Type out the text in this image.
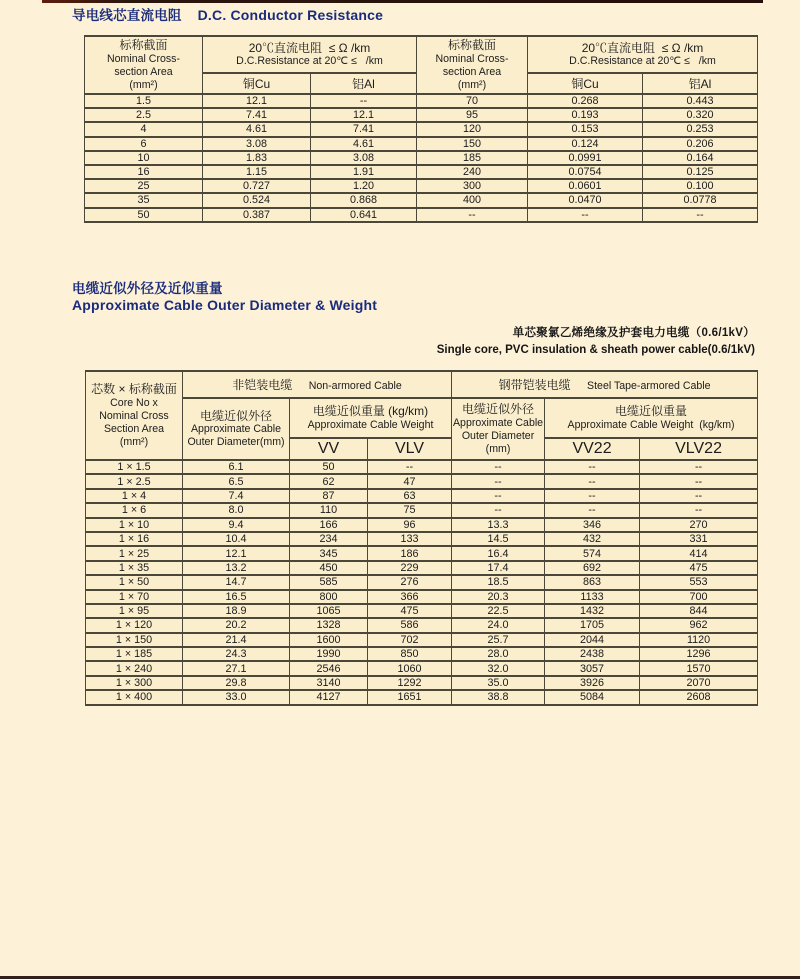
导电线芯直流电阻 D.C. Conductor Resistance
标称截面
Nominal Cross-
section Area
(mm²)

20℃直流电阻  ≤ Ω /km
D.C.Resistance at 20℃ ≤   /km

标称截面
Nominal Cross-
section Area
(mm²)

20℃直流电阻  ≤ Ω /km
D.C.Resistance at 20℃ ≤   /km

	铜Cu	铝Al		铜Cu	铝Al
1.5	12.1	--	70	0.268	0.443
2.5	7.41	12.1	95	0.193	0.320
4	4.61	7.41	120	0.153	0.253
6	3.08	4.61	150	0.124	0.206
10	1.83	3.08	185	0.0991	0.164
16	1.15	1.91	240	0.0754	0.125
25	0.727	1.20	300	0.0601	0.100
35	0.524	0.868	400	0.0470	0.0778
50	0.387	0.641	--	--	--
电缆近似外径及近似重量
Approximate Cable Outer Diameter & Weight
单芯聚氯乙烯绝缘及护套电力电缆（0.6/1kV）
Single core, PVC insulation & sheath power cable(0.6/1kV)
芯数 × 标称截面
Core No x
Nominal Cross
Section Area
(mm²)	非铠装电缆 Non-armored Cable			钢带铠装电缆 Steel Tape-armored Cable		

电缆近似外径
Approximate Cable
Outer Diameter(mm)

电缆近似重量 (kg/km)
Approximate Cable Weight

电缆近似外径
Approximate Cable
Outer Diameter
(mm)

电缆近似重量
Approximate Cable Weight  (kg/km)

		VV	VLV		VV22	VLV22
1 × 1.5	6.1	50	--	--	--	--
1 × 2.5	6.5	62	47	--	--	--
1 × 4	7.4	87	63	--	--	--
1 × 6	8.0	110	75	--	--	--
1 × 10	9.4	166	96	13.3	346	270
1 × 16	10.4	234	133	14.5	432	331
1 × 25	12.1	345	186	16.4	574	414
1 × 35	13.2	450	229	17.4	692	475
1 × 50	14.7	585	276	18.5	863	553
1 × 70	16.5	800	366	20.3	1133	700
1 × 95	18.9	1065	475	22.5	1432	844
1 × 120	20.2	1328	586	24.0	1705	962
1 × 150	21.4	1600	702	25.7	2044	1120
1 × 185	24.3	1990	850	28.0	2438	1296
1 × 240	27.1	2546	1060	32.0	3057	1570
1 × 300	29.8	3140	1292	35.0	3926	2070
1 × 400	33.0	4127	1651	38.8	5084	2608
